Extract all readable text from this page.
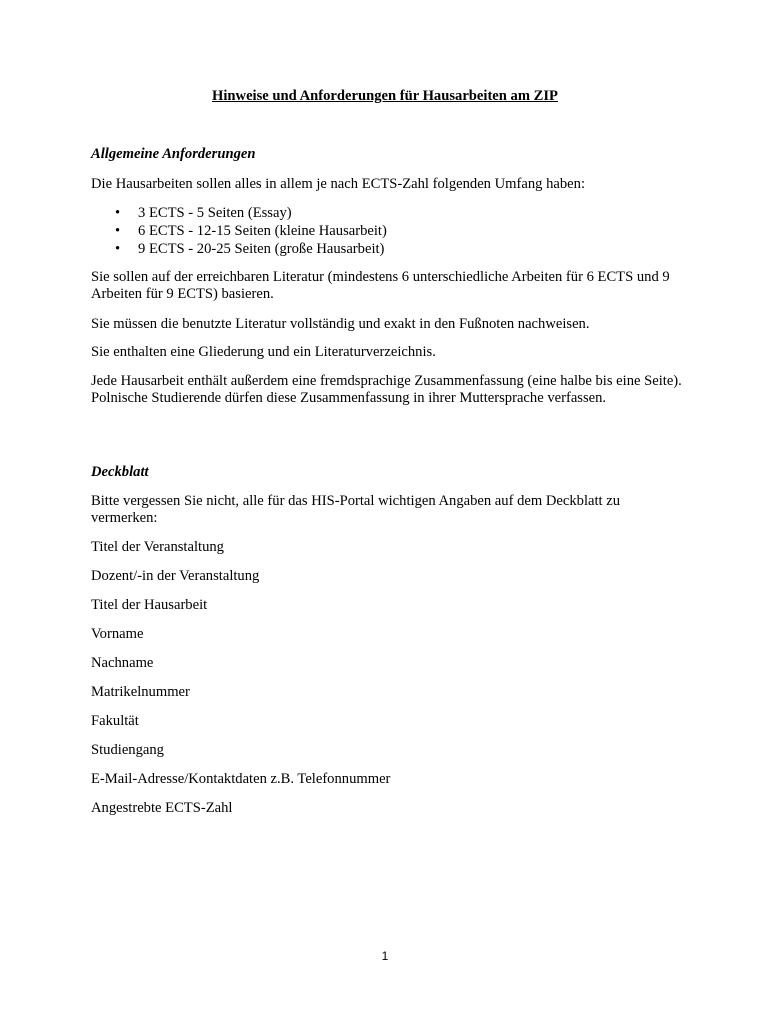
Hinweise und Anforderungen für Hausarbeiten am ZIP
Allgemeine Anforderungen
Die Hausarbeiten sollen alles in allem je nach ECTS-Zahl folgenden Umfang haben:
• 3 ECTS - 5 Seiten (Essay)
• 6 ECTS - 12-15 Seiten (kleine Hausarbeit)
• 9 ECTS - 20-25 Seiten (große Hausarbeit)
Sie sollen auf der erreichbaren Literatur (mindestens 6 unterschiedliche Arbeiten für 6 ECTS und 9 Arbeiten für 9 ECTS) basieren.
Sie müssen die benutzte Literatur vollständig und exakt in den Fußnoten nachweisen.
Sie enthalten eine Gliederung und ein Literaturverzeichnis.
Jede Hausarbeit enthält außerdem eine fremdsprachige Zusammenfassung (eine halbe bis eine Seite). Polnische Studierende dürfen diese Zusammenfassung in ihrer Muttersprache verfassen.
Deckblatt
Bitte vergessen Sie nicht, alle für das HIS-Portal wichtigen Angaben auf dem Deckblatt zu vermerken:
Titel der Veranstaltung
Dozent/-in der Veranstaltung
Titel der Hausarbeit
Vorname
Nachname
Matrikelnummer
Fakultät
Studiengang
E-Mail-Adresse/Kontaktdaten z.B. Telefonnummer
Angestrebte ECTS-Zahl
1
